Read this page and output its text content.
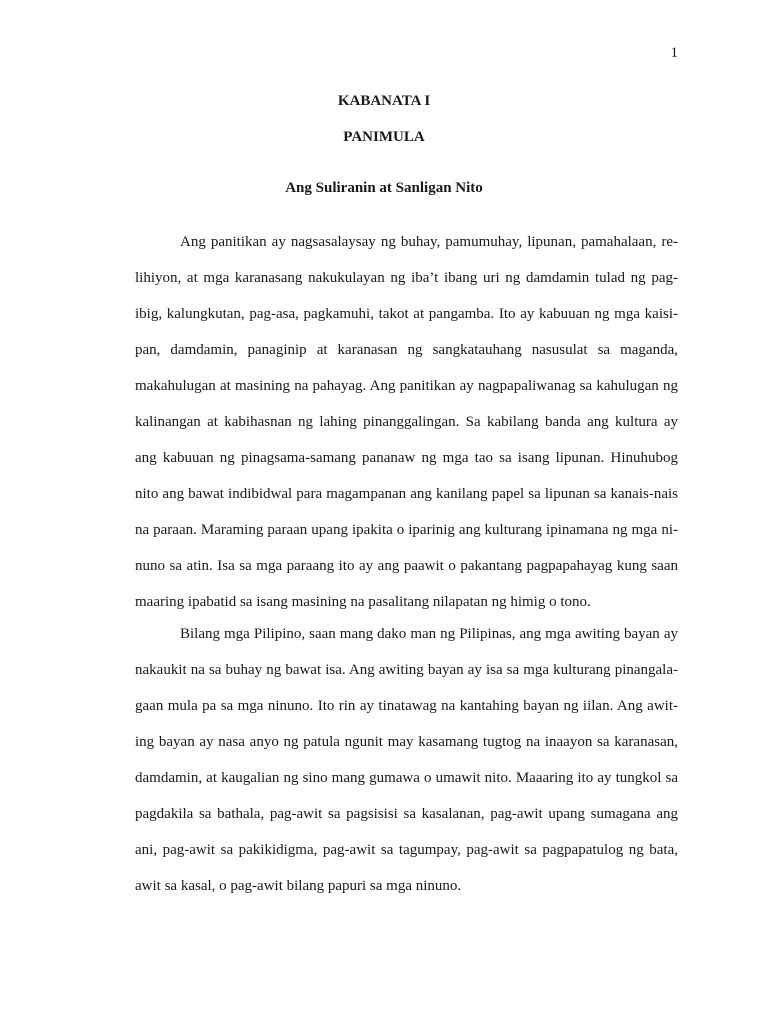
1
KABANATA I
PANIMULA
Ang Suliranin at Sanligan Nito
Ang panitikan ay nagsasalaysay ng buhay, pamumuhay, lipunan, pamahalaan, re-
lihiyon, at mga karanasang nakukulayan ng iba’t ibang uri ng damdamin tulad ng pag-
ibig, kalungkutan, pag-asa, pagkamuhi, takot at pangamba. Ito ay kabuuan ng mga kaisi-
pan, damdamin, panaginip at karanasan ng sangkatauhang nasusulat sa maganda,
makahulugan at masining na pahayag. Ang panitikan ay nagpapaliwanag sa kahulugan ng
kalinangan at kabihasnan ng lahing pinanggalingan. Sa kabilang banda ang kultura ay
ang kabuuan ng pinagsama-samang pananaw ng mga tao sa isang lipunan. Hinuhubog
nito ang bawat indibidwal para magampanan ang kanilang papel sa lipunan sa kanais-nais
na paraan. Maraming paraan upang ipakita o iparinig ang kulturang ipinamana ng mga ni-
nuno sa atin. Isa sa mga paraang ito ay ang paawit o pakantang pagpapahayag kung saan
maaring ipabatid sa isang masining na pasalitang nilapatan ng himig o tono.
Bilang mga Pilipino, saan mang dako man ng Pilipinas, ang mga awiting bayan ay
nakaukit na sa buhay ng bawat isa. Ang awiting bayan ay isa sa mga kulturang pinangala-
gaan mula pa sa mga ninuno. Ito rin ay tinatawag na kantahing bayan ng iilan. Ang awit-
ing bayan ay nasa anyo ng patula ngunit may kasamang tugtog na inaayon sa karanasan,
damdamin, at kaugalian ng sino mang gumawa o umawit nito. Maaaring ito ay tungkol sa
pagdakila sa bathala, pag-awit sa pagsisisi sa kasalanan, pag-awit upang sumagana ang
ani, pag-awit sa pakikidigma, pag-awit sa tagumpay, pag-awit sa pagpapatulog ng bata,
awit sa kasal, o pag-awit bilang papuri sa mga ninuno.
